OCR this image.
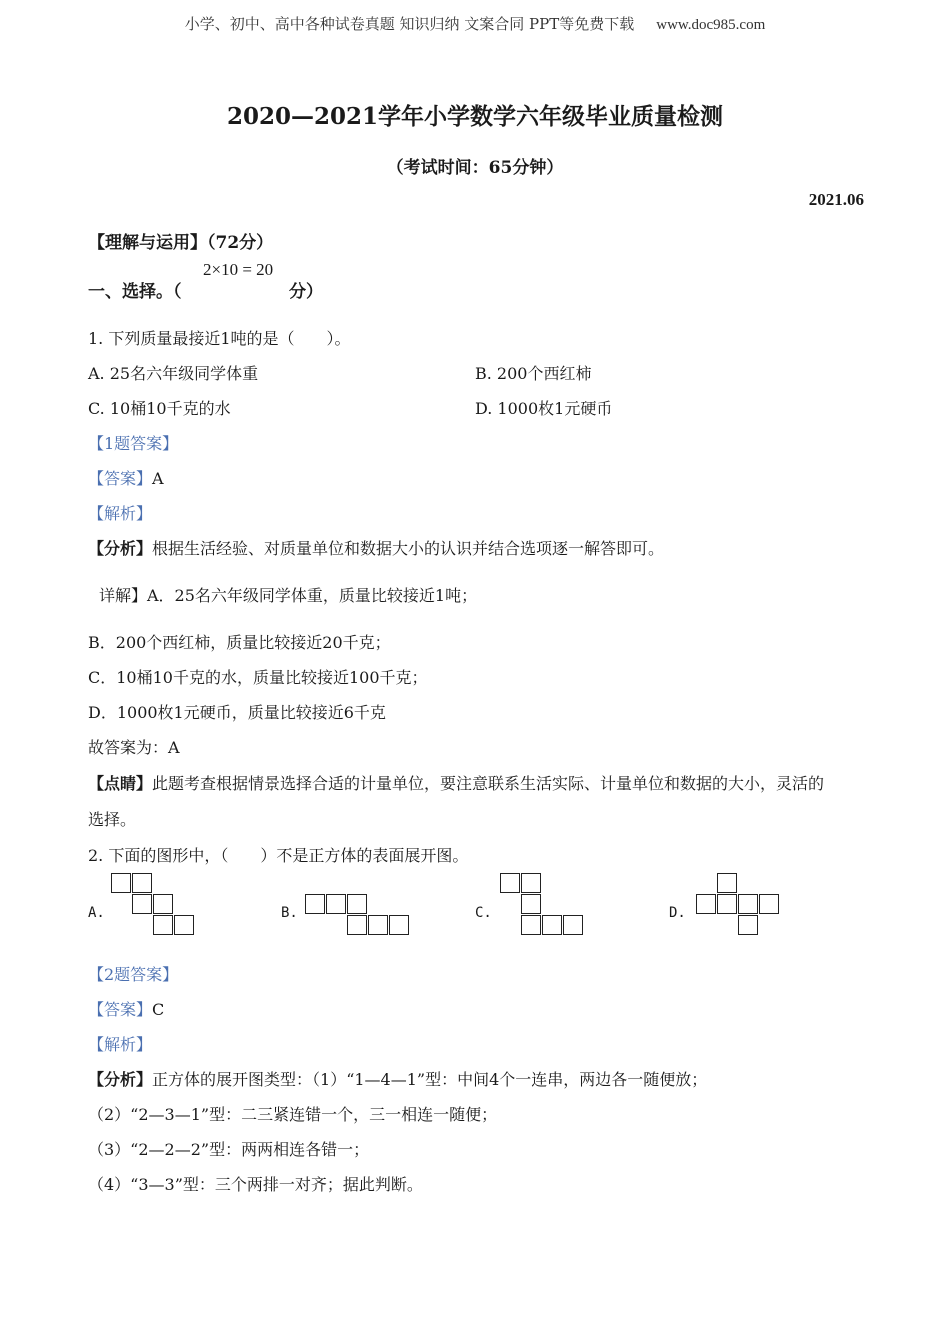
小学、初中、高中各种试卷真题 知识归纳 文案合同 PPT等免费下载 www.doc985.com
2020—2021学年小学数学六年级毕业质量检测
（考试时间：65分钟）
2021.06
【理解与运用】（72分）
一、选择。（
2×10 = 20
分）
1. 下列质量最接近1吨的是（　　）。
A. 25名六年级同学体重	B. 200个西红柿
C. 10桶10千克的水	D. 1000枚1元硬币
【1题答案】
【答案】A
【解析】
【分析】根据生活经验、对质量单位和数据大小的认识并结合选项逐一解答即可。
详解】A．25名六年级同学体重，质量比较接近1吨；
B．200个西红柿，质量比较接近20千克；
C．10桶10千克的水，质量比较接近100千克；
D．1000枚1元硬币，质量比较接近6千克
故答案为：A
【点睛】此题考查根据情景选择合适的计量单位，要注意联系生活实际、计量单位和数据的大小，灵活的
选择。
2. 下面的图形中，（　　）不是正方体的表面展开图。
A.	B.	C.	D.
【2题答案】
【答案】C
【解析】
【分析】正方体的展开图类型：（1）“1—4—1”型：中间4个一连串，两边各一随便放；
（2）“2—3—1”型：二三紧连错一个，三一相连一随便；
（3）“2—2—2”型：两两相连各错一；
（4）“3—3”型：三个两排一对齐；据此判断。
